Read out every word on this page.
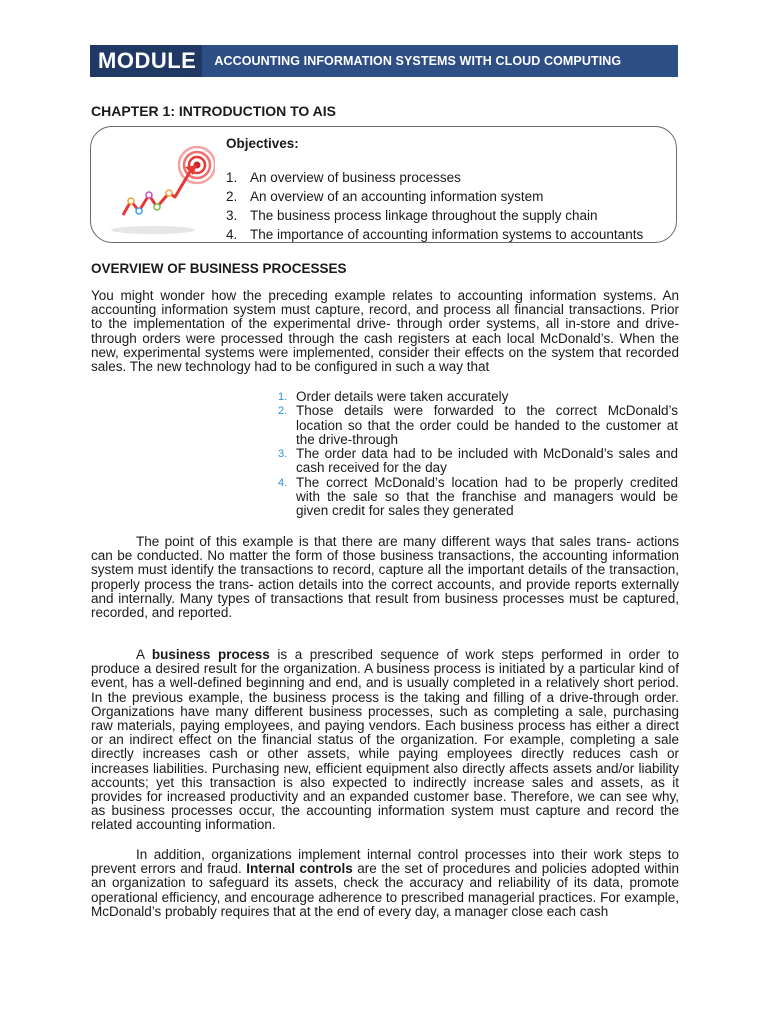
MODULE	ACCOUNTING INFORMATION SYSTEMS WITH CLOUD COMPUTING
CHAPTER 1: INTRODUCTION TO AIS
Objectives:
1. An overview of business processes
2. An overview of an accounting information system
3. The business process linkage throughout the supply chain
4. The importance of accounting information systems to accountants
OVERVIEW OF BUSINESS PROCESSES

You might wonder how the preceding example relates to accounting information systems. An accounting information system must capture, record, and process all financial transactions. Prior to the implementation of the experimental drive- through order systems, all in-store and drive-through orders were processed through the cash registers at each local McDonald’s. When the new, experimental systems were implemented, consider their effects on the system that recorded sales. The new technology had to be configured in such a way that

1. Order details were taken accurately
2. Those details were forwarded to the correct McDonald’s location so that the order could be handed to the customer at the drive-through
3. The order data had to be included with McDonald’s sales and cash received for the day
4. The correct McDonald’s location had to be properly credited with the sale so that the franchise and managers would be given credit for sales they generated

The point of this example is that there are many different ways that sales trans- actions can be conducted. No matter the form of those business transactions, the accounting information system must identify the transactions to record, capture all the important details of the transaction, properly process the trans- action details into the correct accounts, and provide reports externally and internally. Many types of transactions that result from business processes must be captured, recorded, and reported.

A business process is a prescribed sequence of work steps performed in order to produce a desired result for the organization. A business process is initiated by a particular kind of event, has a well-defined beginning and end, and is usually completed in a relatively short period. In the previous example, the business process is the taking and filling of a drive-through order. Organizations have many different business processes, such as completing a sale, purchasing raw materials, paying employees, and paying vendors. Each business process has either a direct or an indirect effect on the financial status of the organization. For example, completing a sale directly increases cash or other assets, while paying employees directly reduces cash or increases liabilities. Purchasing new, efficient equipment also directly affects assets and/or liability accounts; yet this transaction is also expected to indirectly increase sales and assets, as it provides for increased productivity and an expanded customer base. Therefore, we can see why, as business processes occur, the accounting information system must capture and record the related accounting information.

In addition, organizations implement internal control processes into their work steps to prevent errors and fraud. Internal controls are the set of procedures and policies adopted within an organization to safeguard its assets, check the accuracy and reliability of its data, promote operational efficiency, and encourage adherence to prescribed managerial practices. For example, McDonald’s probably requires that at the end of every day, a manager close each cash
